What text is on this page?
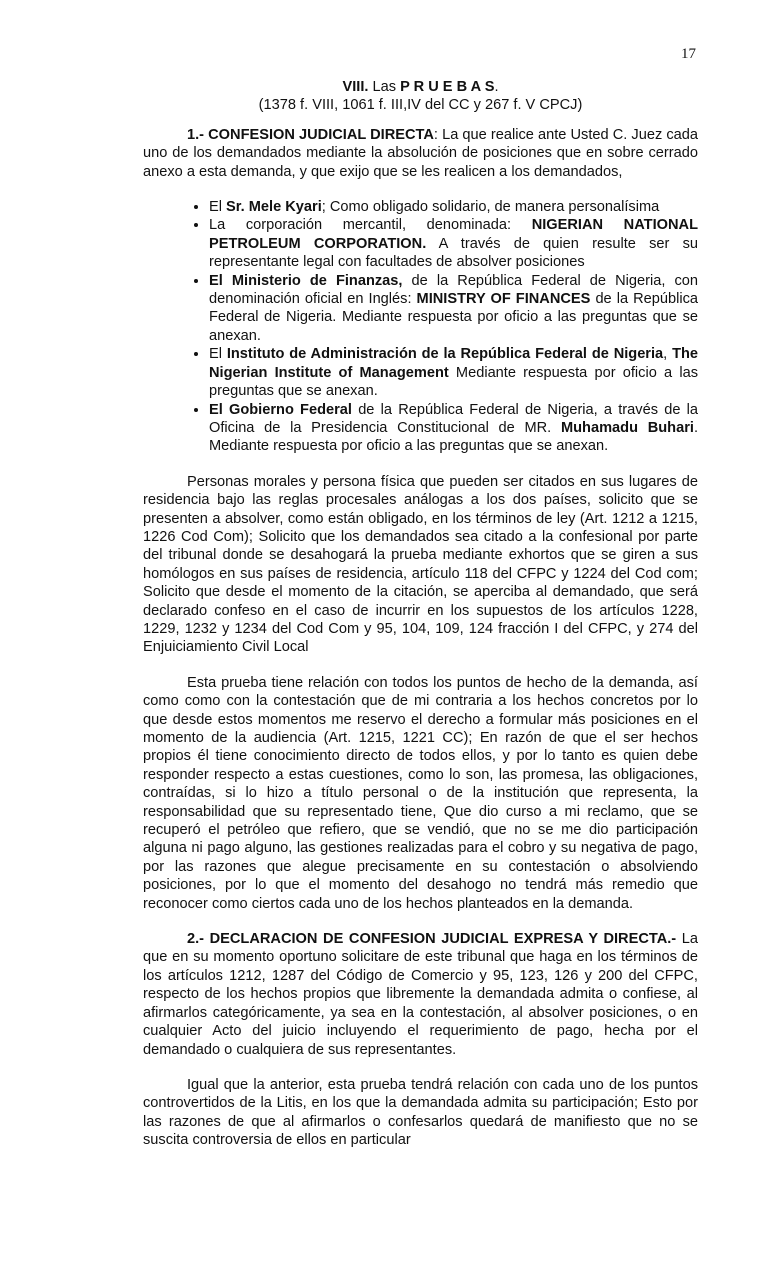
17

VIII. Las P R U E B A S.

(1378 f. VIII, 1061 f. III,IV del CC y 267 f. V CPCJ)

1.- CONFESION JUDICIAL DIRECTA: La que realice ante Usted C. Juez cada uno de los demandados mediante la absolución de posiciones que en sobre cerrado anexo a esta demanda, y que exijo que se les realicen a los demandados,

• El Sr. Mele Kyari; Como obligado solidario, de manera personalísima
• La corporación mercantil, denominada: NIGERIAN NATIONAL PETROLEUM CORPORATION. A través de quien resulte ser su representante legal con facultades de absolver posiciones
• El Ministerio de Finanzas, de la República Federal de Nigeria, con denominación oficial en Inglés: MINISTRY OF FINANCES de la República Federal de Nigeria. Mediante respuesta por oficio a las preguntas que se anexan.
• El Instituto de Administración de la República Federal de Nigeria, The Nigerian Institute of Management Mediante respuesta por oficio a las preguntas que se anexan.
• El Gobierno Federal de la República Federal de Nigeria, a través de la Oficina de la Presidencia Constitucional de MR. Muhamadu Buhari. Mediante respuesta por oficio a las preguntas que se anexan.

Personas morales y persona física que pueden ser citados en sus lugares de residencia bajo las reglas procesales análogas a los dos países, solicito que se presenten a absolver, como están obligado, en los términos de ley (Art. 1212 a 1215, 1226 Cod Com); Solicito que los demandados sea citado a la confesional por parte del tribunal donde se desahogará la prueba mediante exhortos que se giren a sus homólogos en sus países de residencia, artículo 118 del CFPC y 1224 del Cod com; Solicito que desde el momento de la citación, se aperciba al demandado, que será declarado confeso en el caso de incurrir en los supuestos de los artículos 1228, 1229, 1232 y 1234 del Cod Com y 95, 104, 109, 124 fracción I del CFPC, y 274 del Enjuiciamiento Civil Local

Esta prueba tiene relación con todos los puntos de hecho de la demanda, así como como con la contestación que de mi contraria a los hechos concretos por lo que desde estos momentos me reservo el derecho a formular más posiciones en el momento de la audiencia (Art. 1215, 1221 CC); En razón de que el ser hechos propios él tiene conocimiento directo de todos ellos, y por lo tanto es quien debe responder respecto a estas cuestiones, como lo son, las promesa, las obligaciones, contraídas, si lo hizo a título personal o de la institución que representa, la responsabilidad que su representado tiene, Que dio curso a mi reclamo, que se recuperó el petróleo que refiero, que se vendió, que no se me dio participación alguna ni pago alguno, las gestiones realizadas para el cobro y su negativa de pago, por las razones que alegue precisamente en su contestación o absolviendo posiciones, por lo que el momento del desahogo no tendrá más remedio que reconocer como ciertos cada uno de los hechos planteados en la demanda.

2.- DECLARACION DE CONFESION JUDICIAL EXPRESA Y DIRECTA.- La que en su momento oportuno solicitare de este tribunal que haga en los términos de los artículos 1212, 1287 del Código de Comercio y 95, 123, 126 y 200 del CFPC, respecto de los hechos propios que libremente la demandada admita o confiese, al afirmarlos categóricamente, ya sea en la contestación, al absolver posiciones, o en cualquier Acto del juicio incluyendo el requerimiento de pago, hecha por el demandado o cualquiera de sus representantes.

Igual que la anterior, esta prueba tendrá relación con cada uno de los puntos controvertidos de la Litis, en los que la demandada admita su participación; Esto por las razones de que al afirmarlos o confesarlos quedará de manifiesto que no se suscita controversia de ellos en particular
